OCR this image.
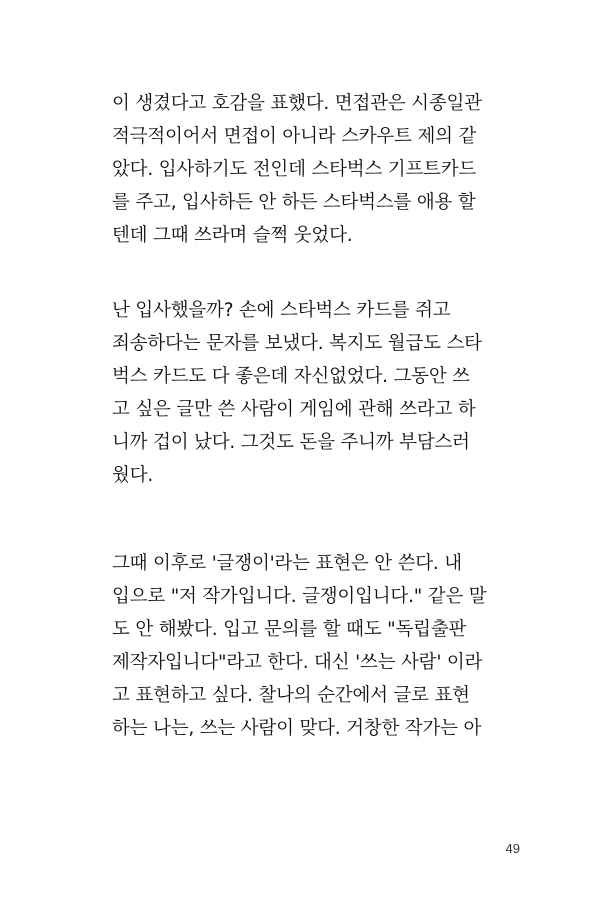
이 생겼다고 호감을 표했다. 면접관은 시종일관
적극적이어서 면접이 아니라 스카우트 제의 같
았다. 입사하기도 전인데 스타벅스 기프트카드
를 주고, 입사하든 안 하든 스타벅스를 애용 할
텐데 그때 쓰라며 슬쩍 웃었다.
난 입사했을까? 손에 스타벅스 카드를 쥐고
죄송하다는 문자를 보냈다. 복지도 월급도 스타
벅스 카드도 다 좋은데 자신없었다. 그동안 쓰
고 싶은 글만 쓴 사람이 게임에 관해 쓰라고 하
니까 겁이 났다. 그것도 돈을 주니까 부담스러
웠다.
그때 이후로 '글쟁이'라는 표현은 안 쓴다. 내
입으로 "저 작가입니다. 글쟁이입니다." 같은 말
도 안 해봤다. 입고 문의를 할 때도 "독립출판
제작자입니다"라고 한다. 대신 '쓰는 사람' 이라
고 표현하고 싶다. 찰나의 순간에서 글로 표현
하는 나는, 쓰는 사람이 맞다. 거창한 작가는 아
49
